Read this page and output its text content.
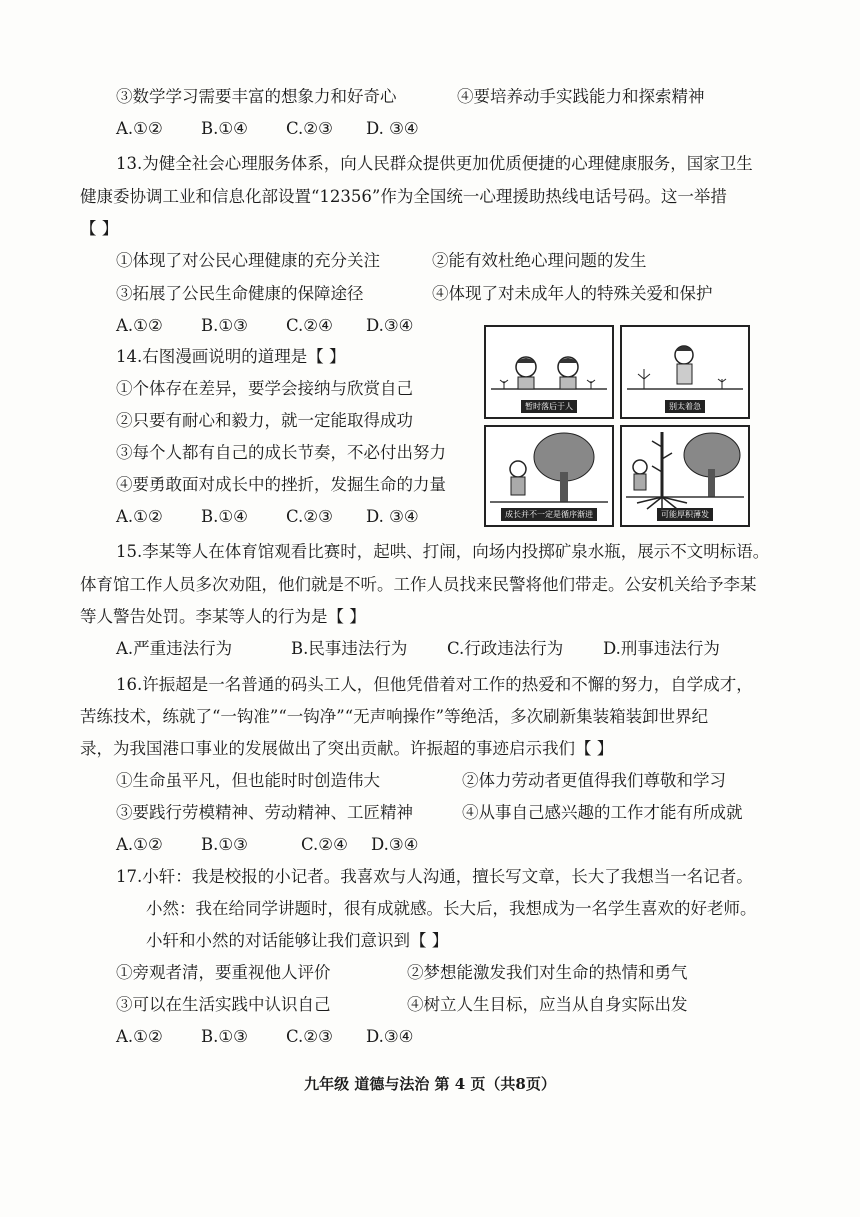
③数学学习需要丰富的想象力和好奇心	④要培养动手实践能力和探索精神
A.①② B.①④ C.②③ D. ③④
13.为健全社会心理服务体系，向人民群众提供更加优质便捷的心理健康服务，国家卫生
健康委协调工业和信息化部设置“12356”作为全国统一心理援助热线电话号码。这一举措
【 】
①体现了对公民心理健康的充分关注	②能有效杜绝心理问题的发生
③拓展了公民生命健康的保障途径	④体现了对未成年人的特殊关爱和保护
A.①② B.①③ C.②④ D.③④
14.右图漫画说明的道理是【 】
①个体存在差异，要学会接纳与欣赏自己
②只要有耐心和毅力，就一定能取得成功
③每个人都有自己的成长节奏，不必付出努力
④要勇敢面对成长中的挫折，发掘生命的力量
A.①② B.①④ C.②③ D. ③④
暂时落后于人	别太着急
成长并不一定是循序渐进	可能厚积薄发
15.李某等人在体育馆观看比赛时，起哄、打闹，向场内投掷矿泉水瓶，展示不文明标语。
体育馆工作人员多次劝阻，他们就是不听。工作人员找来民警将他们带走。公安机关给予李某
等人警告处罚。李某等人的行为是【 】
A.严重违法行为	B.民事违法行为 C.行政违法行为 D.刑事违法行为
16.许振超是一名普通的码头工人，但他凭借着对工作的热爱和不懈的努力，自学成才，
苦练技术，练就了“一钩准”“一钩净”“无声响操作”等绝活，多次刷新集装箱装卸世界纪
录，为我国港口事业的发展做出了突出贡献。许振超的事迹启示我们【 】
①生命虽平凡，但也能时时创造伟大	②体力劳动者更值得我们尊敬和学习
③要践行劳模精神、劳动精神、工匠精神	④从事自己感兴趣的工作才能有所成就
A.①② B.①③	C.②④ D.③④
17.小轩：我是校报的小记者。我喜欢与人沟通，擅长写文章，长大了我想当一名记者。
小然：我在给同学讲题时，很有成就感。长大后，我想成为一名学生喜欢的好老师。
小轩和小然的对话能够让我们意识到【 】
①旁观者清，要重视他人评价	②梦想能激发我们对生命的热情和勇气
③可以在生活实践中认识自己	④树立人生目标，应当从自身实际出发
A.①② B.①③ C.②③ D.③④
九年级 道德与法治 第 4 页（共8页）
